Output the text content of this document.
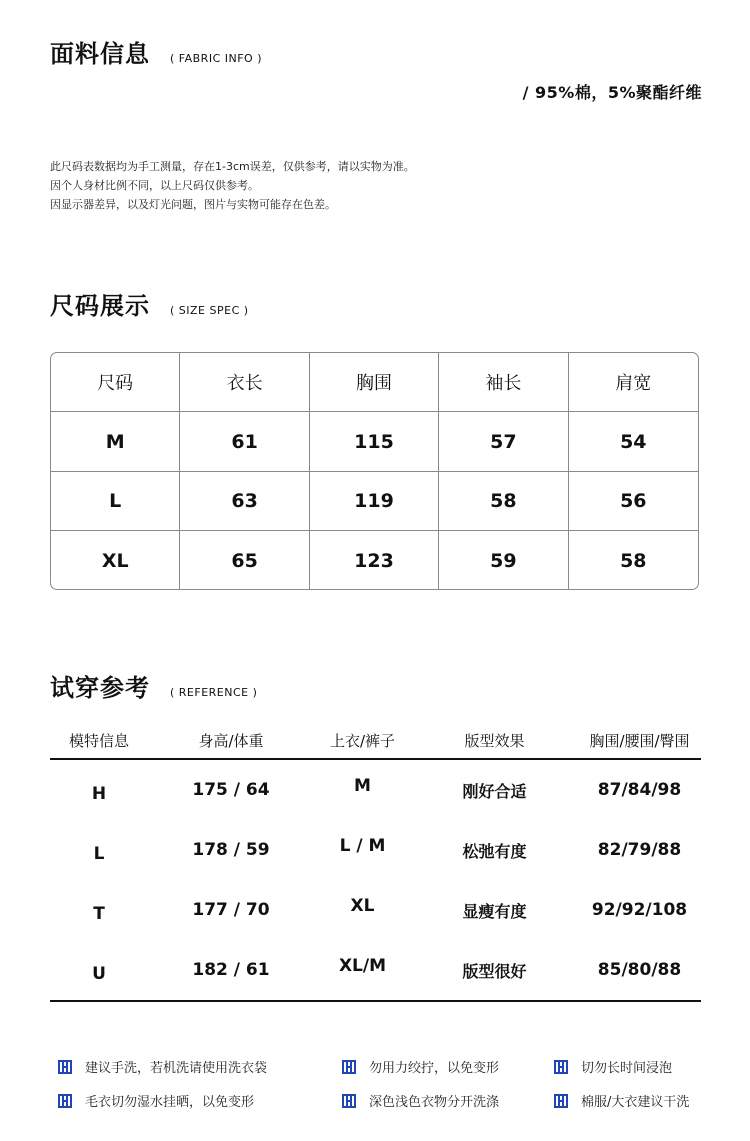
面料信息 ( FABRIC INFO )
/ 95%棉，5%聚酯纤维
此尺码表数据均为手工测量，存在1-3cm误差，仅供参考，请以实物为准。
因个人身材比例不同，以上尺码仅供参考。
因显示器差异，以及灯光问题，图片与实物可能存在色差。
尺码展示 ( SIZE SPEC )
尺码	衣长	胸围	袖长	肩宽
M	61	115	57	54
L	63	119	58	56
XL	65	123	59	58
试穿参考 ( REFERENCE )
模特信息	身高/体重	上衣/裤子	版型效果	胸围/腰围/臀围
H	175 / 64	M	刚好合适	87/84/98
L	178 / 59	L / M	松弛有度	82/79/88
T	177 / 70	XL	显瘦有度	92/92/108
U	182 / 61	XL/M	版型很好	85/80/88
建议手洗，若机洗请使用洗衣袋	勿用力绞拧，以免变形	切勿长时间浸泡
毛衣切勿湿水挂晒，以免变形	深色浅色衣物分开洗涤	棉服/大衣建议干洗
